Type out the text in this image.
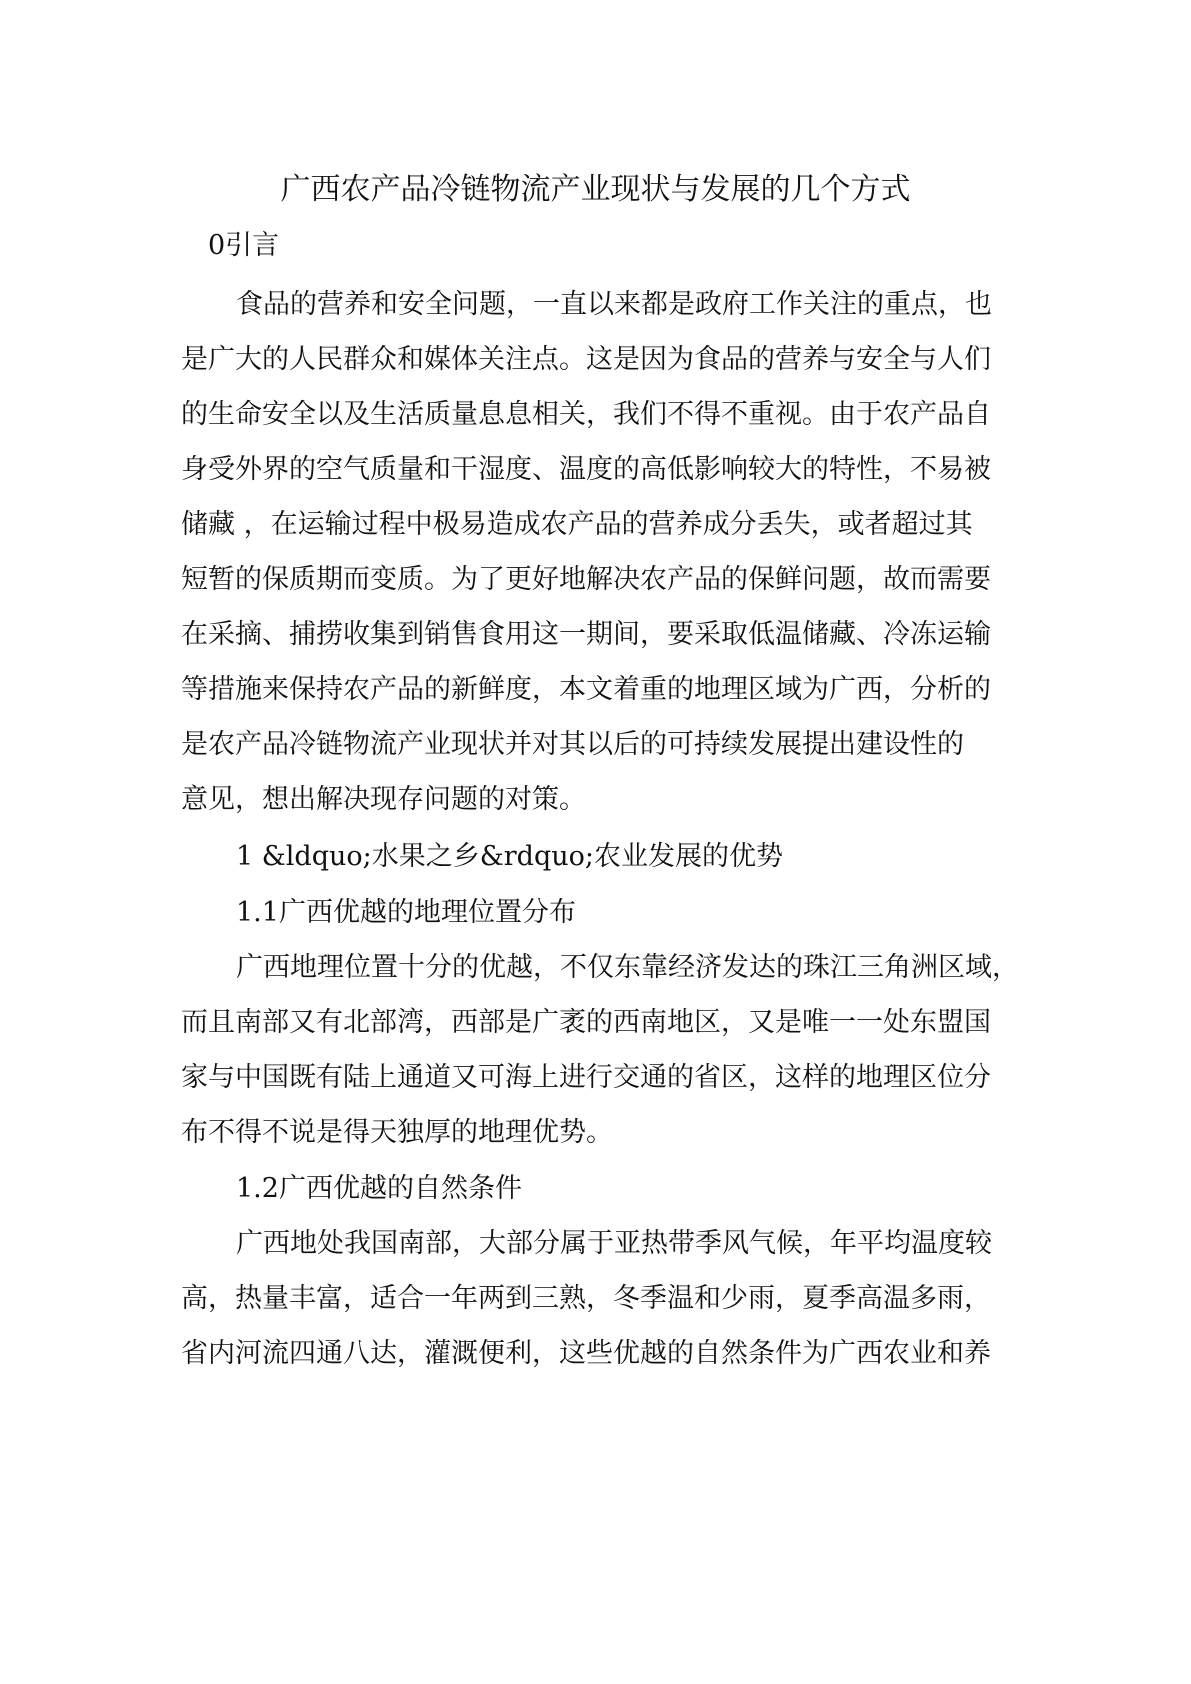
广西农产品冷链物流产业现状与发展的几个方式
0引言
食品的营养和安全问题，一直以来都是政府工作关注的重点，也
是广大的人民群众和媒体关注点。这是因为食品的营养与安全与人们
的生命安全以及生活质量息息相关，我们不得不重视。由于农产品自
身受外界的空气质量和干湿度、温度的高低影响较大的特性，不易被
储藏 ，在运输过程中极易造成农产品的营养成分丢失，或者超过其
短暂的保质期而变质。为了更好地解决农产品的保鲜问题，故而需要
在采摘、捕捞收集到销售食用这一期间，要采取低温储藏、冷冻运输
等措施来保持农产品的新鲜度，本文着重的地理区域为广西，分析的
是农产品冷链物流产业现状并对其以后的可持续发展提出建设性的
意见，想出解决现存问题的对策。
1 &ldquo;水果之乡&rdquo;农业发展的优势
1.1广西优越的地理位置分布
广西地理位置十分的优越，不仅东靠经济发达的珠江三角洲区域，
而且南部又有北部湾，西部是广袤的西南地区，又是唯一一处东盟国
家与中国既有陆上通道又可海上进行交通的省区，这样的地理区位分
布不得不说是得天独厚的地理优势。
1.2广西优越的自然条件
广西地处我国南部，大部分属于亚热带季风气候，年平均温度较
高，热量丰富，适合一年两到三熟，冬季温和少雨，夏季高温多雨，
省内河流四通八达，灌溉便利，这些优越的自然条件为广西农业和养
